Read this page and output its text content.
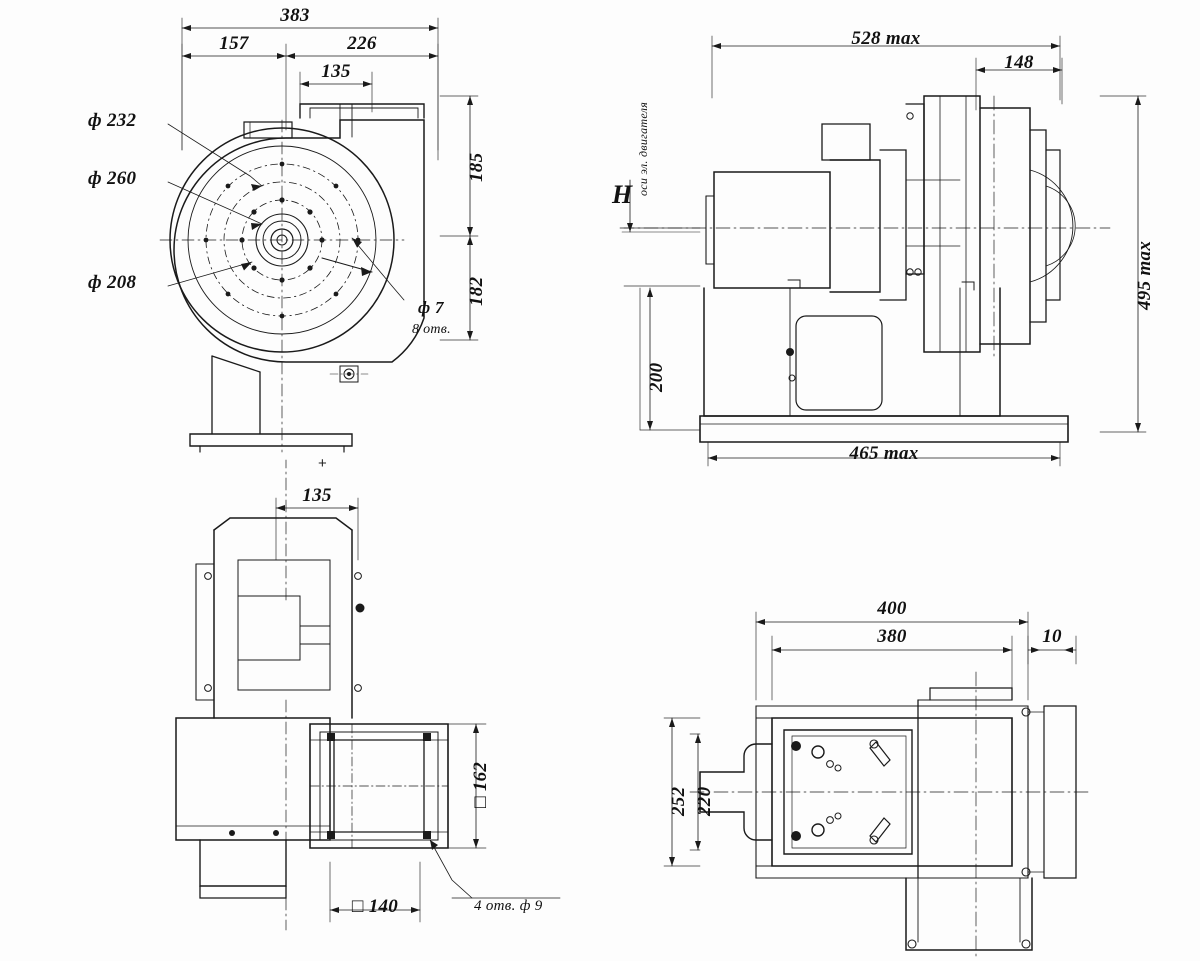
383
157	226
135
185
182
ф 232
ф 260
ф 208
ф 7
8 отв.
+
528 max
148
495 max
200
465 max
H оси эл. двигателя
135
□ 162
□ 140	4 отв. ф 9
400
380	10
252 220
